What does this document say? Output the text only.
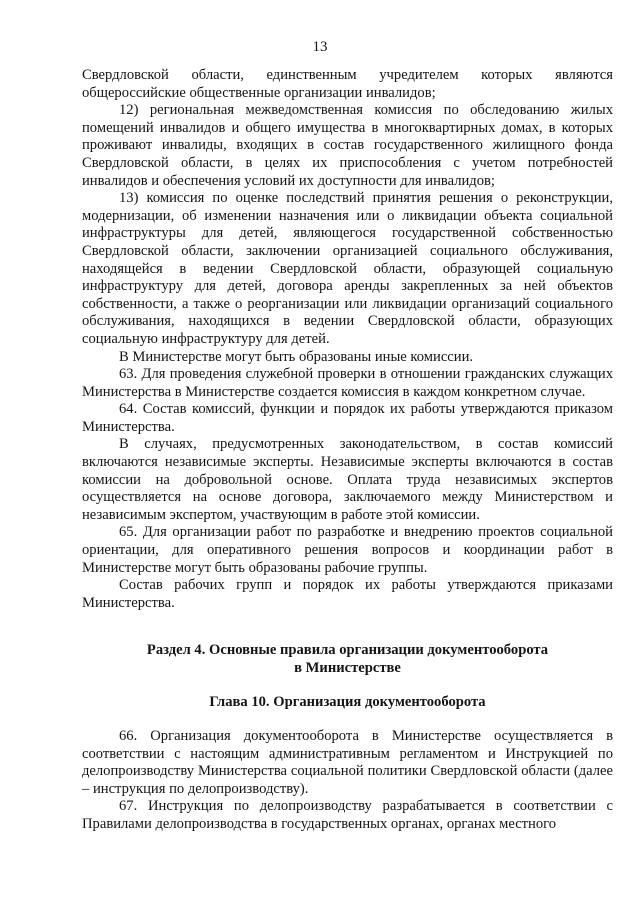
13

Свердловской области, единственным учредителем которых являются общероссийские общественные организации инвалидов;

12) региональная межведомственная комиссия по обследованию жилых помещений инвалидов и общего имущества в многоквартирных домах, в которых проживают инвалиды, входящих в состав государственного жилищного фонда Свердловской области, в целях их приспособления с учетом потребностей инвалидов и обеспечения условий их доступности для инвалидов;

13) комиссия по оценке последствий принятия решения о реконструкции, модернизации, об изменении назначения или о ликвидации объекта социальной инфраструктуры для детей, являющегося государственной собственностью Свердловской области, заключении организацией социального обслуживания, находящейся в ведении Свердловской области, образующей социальную инфраструктуру для детей, договора аренды закрепленных за ней объектов собственности, а также о реорганизации или ликвидации организаций социального обслуживания, находящихся в ведении Свердловской области, образующих социальную инфраструктуру для детей.

В Министерстве могут быть образованы иные комиссии.

63. Для проведения служебной проверки в отношении гражданских служащих Министерства в Министерстве создается комиссия в каждом конкретном случае.

64. Состав комиссий, функции и порядок их работы утверждаются приказом Министерства.

В случаях, предусмотренных законодательством, в состав комиссий включаются независимые эксперты. Независимые эксперты включаются в состав комиссии на добровольной основе. Оплата труда независимых экспертов осуществляется на основе договора, заключаемого между Министерством и независимым экспертом, участвующим в работе этой комиссии.

65. Для организации работ по разработке и внедрению проектов социальной ориентации, для оперативного решения вопросов и координации работ в Министерстве могут быть образованы рабочие группы.

Состав рабочих групп и порядок их работы утверждаются приказами Министерства.

Раздел 4. Основные правила организации документооборота
в Министерстве
Глава 10. Организация документооборота

66. Организация документооборота в Министерстве осуществляется в соответствии с настоящим административным регламентом и Инструкцией по делопроизводству Министерства социальной политики Свердловской области (далее – инструкция по делопроизводству).

67. Инструкция по делопроизводству разрабатывается в соответствии с Правилами делопроизводства в государственных органах, органах местного
